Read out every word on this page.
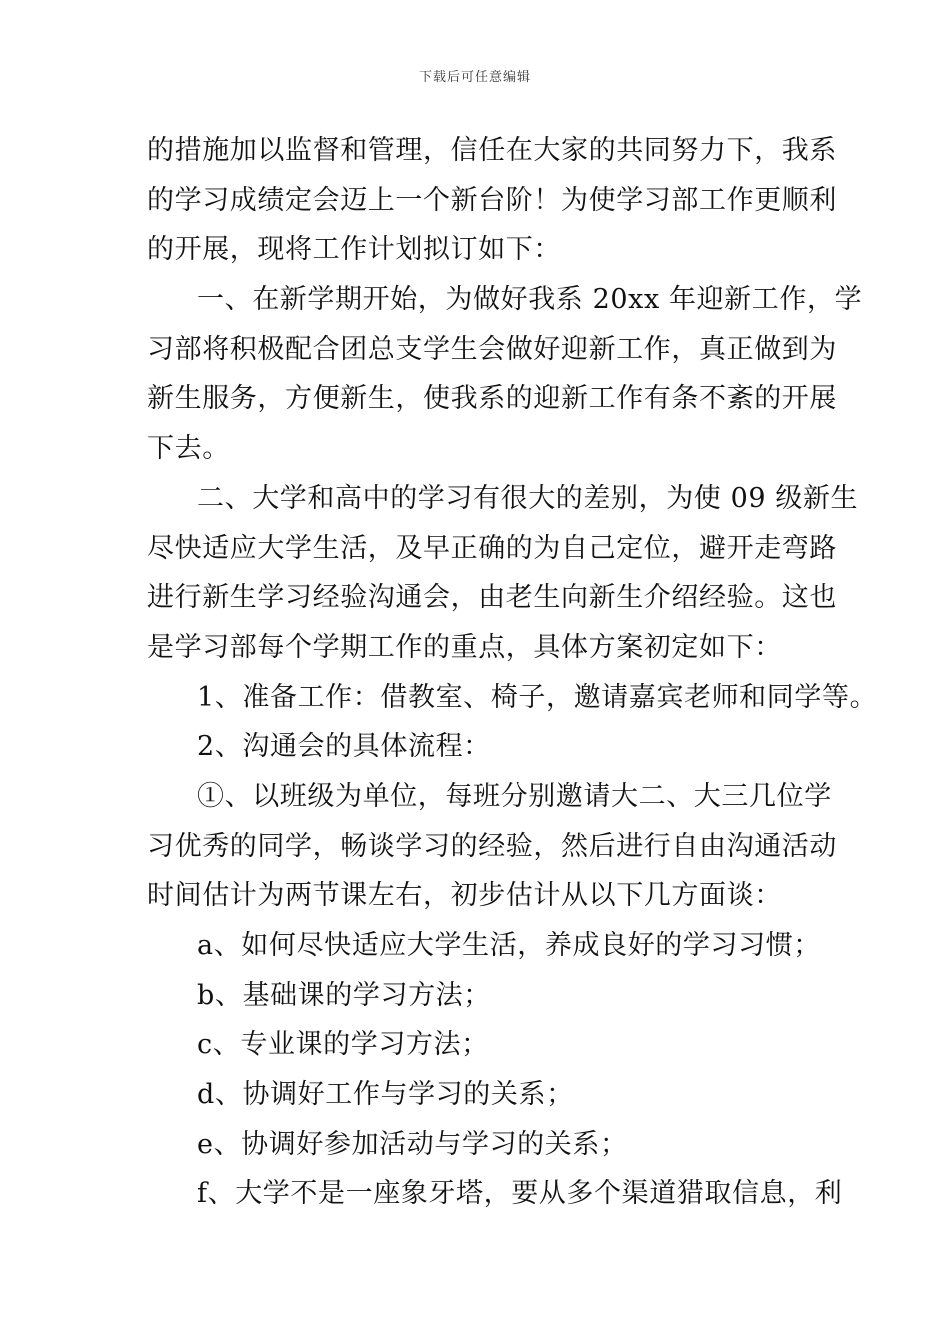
下载后可任意编辑
的措施加以监督和管理，信任在大家的共同努力下，我系
的学习成绩定会迈上一个新台阶！为使学习部工作更顺利
的开展，现将工作计划拟订如下：
一、在新学期开始，为做好我系 20xx 年迎新工作，学
习部将积极配合团总支学生会做好迎新工作，真正做到为
新生服务，方便新生，使我系的迎新工作有条不紊的开展
下去。
二、大学和高中的学习有很大的差别，为使 09 级新生
尽快适应大学生活，及早正确的为自己定位，避开走弯路
进行新生学习经验沟通会，由老生向新生介绍经验。这也
是学习部每个学期工作的重点，具体方案初定如下：
1、准备工作：借教室、椅子，邀请嘉宾老师和同学等。
2、沟通会的具体流程：
①、以班级为单位，每班分别邀请大二、大三几位学
习优秀的同学，畅谈学习的经验，然后进行自由沟通活动
时间估计为两节课左右，初步估计从以下几方面谈：
a、如何尽快适应大学生活，养成良好的学习习惯；
b、基础课的学习方法；
c、专业课的学习方法；
d、协调好工作与学习的关系；
e、协调好参加活动与学习的关系；
f、大学不是一座象牙塔，要从多个渠道猎取信息，利
